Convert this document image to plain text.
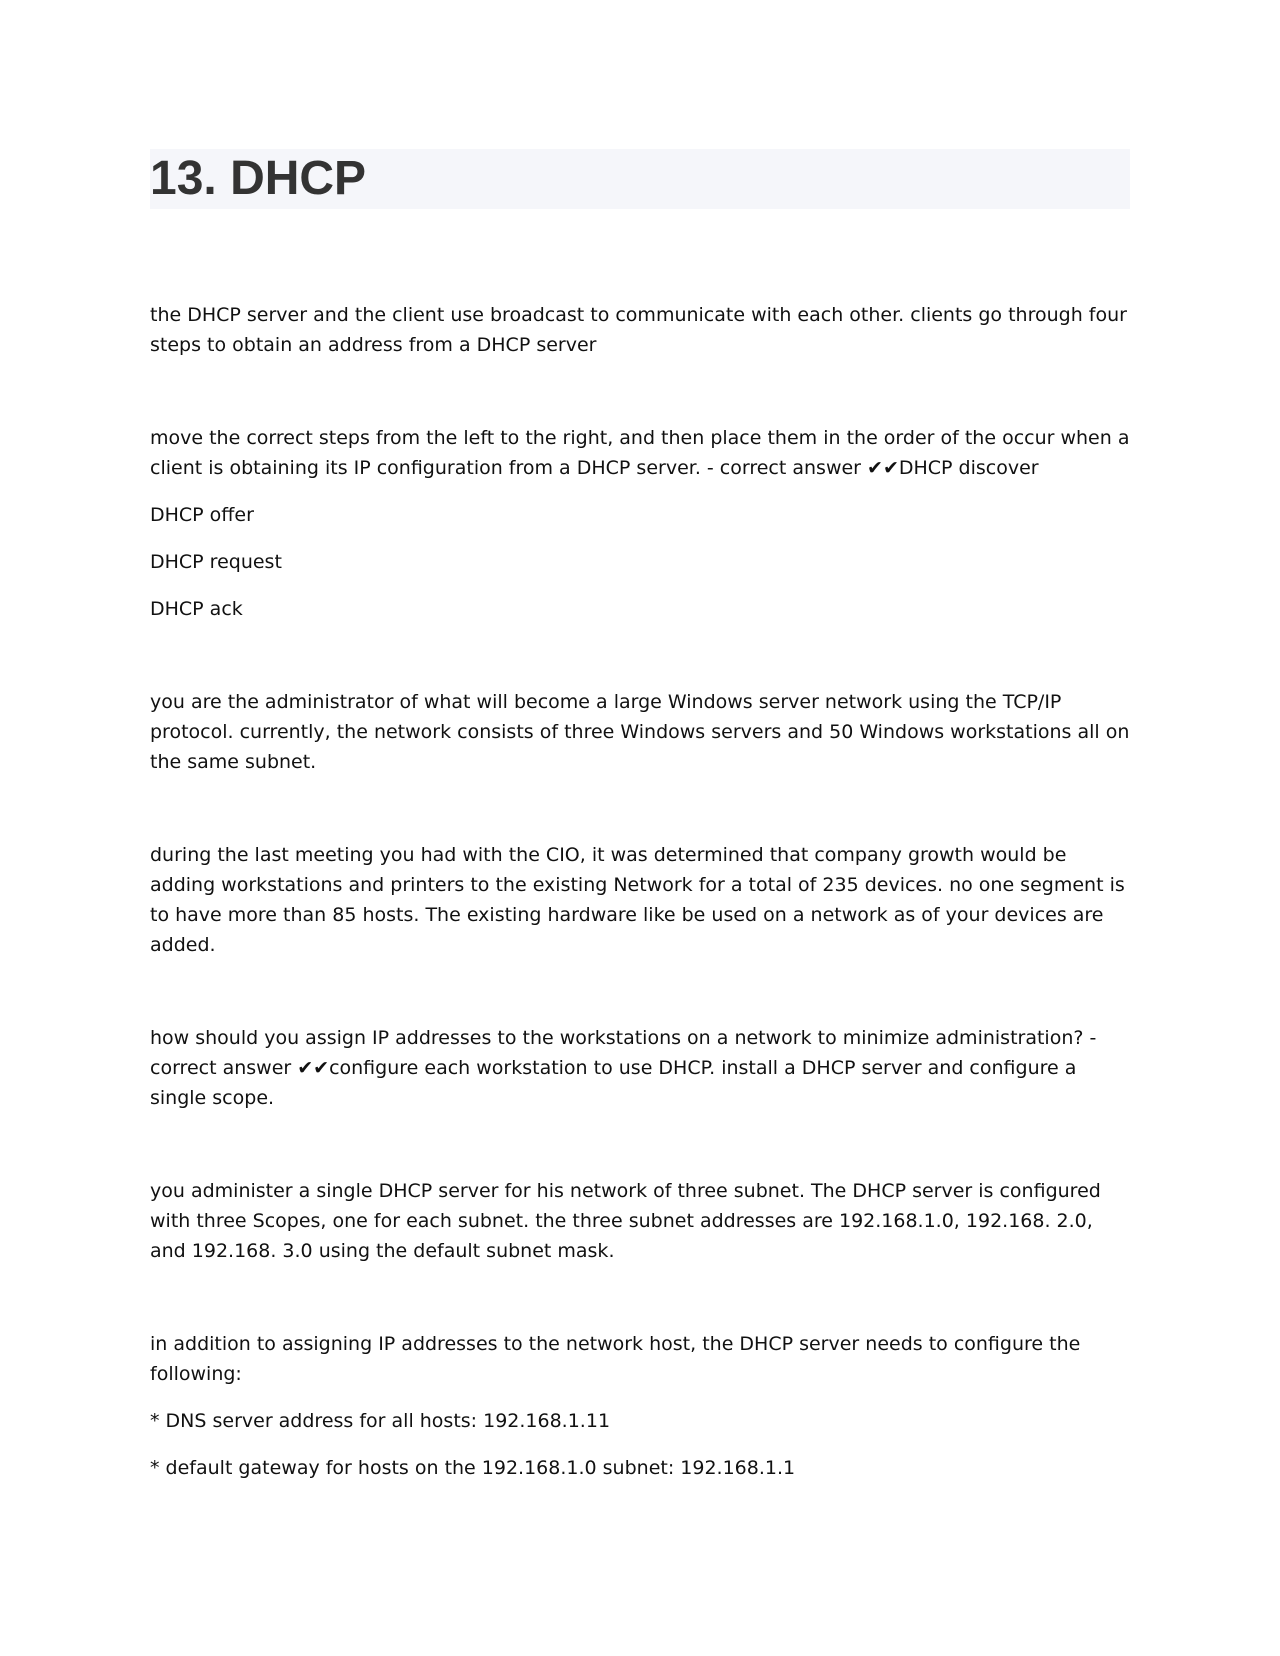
13. DHCP

the DHCP server and the client use broadcast to communicate with each other. clients go through four steps to obtain an address from a DHCP server

move the correct steps from the left to the right, and then place them in the order of the occur when a client is obtaining its IP configuration from a DHCP server. - correct answer ✔✔DHCP discover

DHCP offer

DHCP request

DHCP ack

you are the administrator of what will become a large Windows server network using the TCP/IP protocol. currently, the network consists of three Windows servers and 50 Windows workstations all on the same subnet.

during the last meeting you had with the CIO, it was determined that company growth would be adding workstations and printers to the existing Network for a total of 235 devices. no one segment is to have more than 85 hosts. The existing hardware like be used on a network as of your devices are added.

how should you assign IP addresses to the workstations on a network to minimize administration? - correct answer ✔✔configure each workstation to use DHCP. install a DHCP server and configure a single scope.

you administer a single DHCP server for his network of three subnet. The DHCP server is configured with three Scopes, one for each subnet. the three subnet addresses are 192.168.1.0, 192.168. 2.0, and 192.168. 3.0 using the default subnet mask.

in addition to assigning IP addresses to the network host, the DHCP server needs to configure the following:

* DNS server address for all hosts: 192.168.1.11

* default gateway for hosts on the 192.168.1.0 subnet: 192.168.1.1
